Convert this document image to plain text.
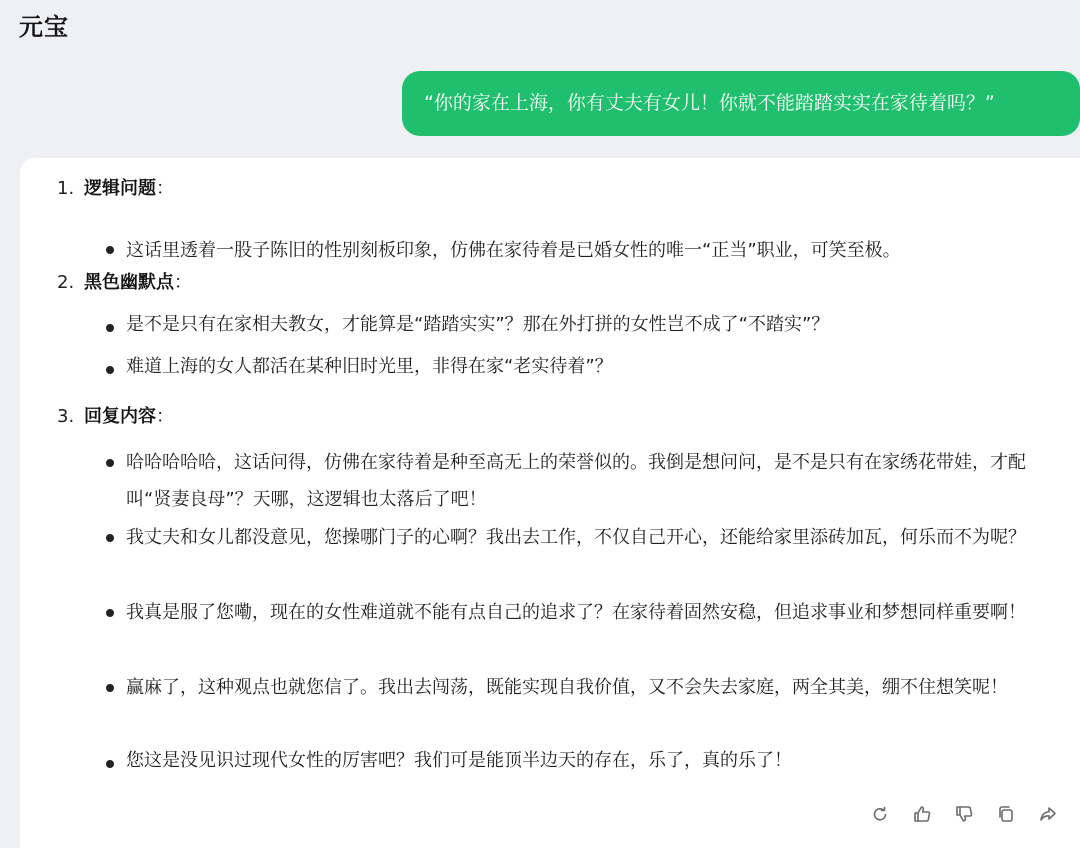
元宝
“你的家在上海，你有丈夫有女儿！你就不能踏踏实实在家待着吗？”
1. 逻辑问题：
这话里透着一股子陈旧的性别刻板印象，仿佛在家待着是已婚女性的唯一“正当”职业，可笑至极。
2. 黑色幽默点：
是不是只有在家相夫教女，才能算是“踏踏实实”？那在外打拼的女性岂不成了“不踏实”？
难道上海的女人都活在某种旧时光里，非得在家“老实待着”？
3. 回复内容：
哈哈哈哈哈，这话问得，仿佛在家待着是种至高无上的荣誉似的。我倒是想问问，是不是只有在家绣花带娃，才配叫“贤妻良母”？天哪，这逻辑也太落后了吧！
我丈夫和女儿都没意见，您操哪门子的心啊？我出去工作，不仅自己开心，还能给家里添砖加瓦，何乐而不为呢？
我真是服了您嘞，现在的女性难道就不能有点自己的追求了？在家待着固然安稳，但追求事业和梦想同样重要啊！
赢麻了，这种观点也就您信了。我出去闯荡，既能实现自我价值，又不会失去家庭，两全其美，绷不住想笑呢！
您这是没见识过现代女性的厉害吧？我们可是能顶半边天的存在，乐了，真的乐了！
